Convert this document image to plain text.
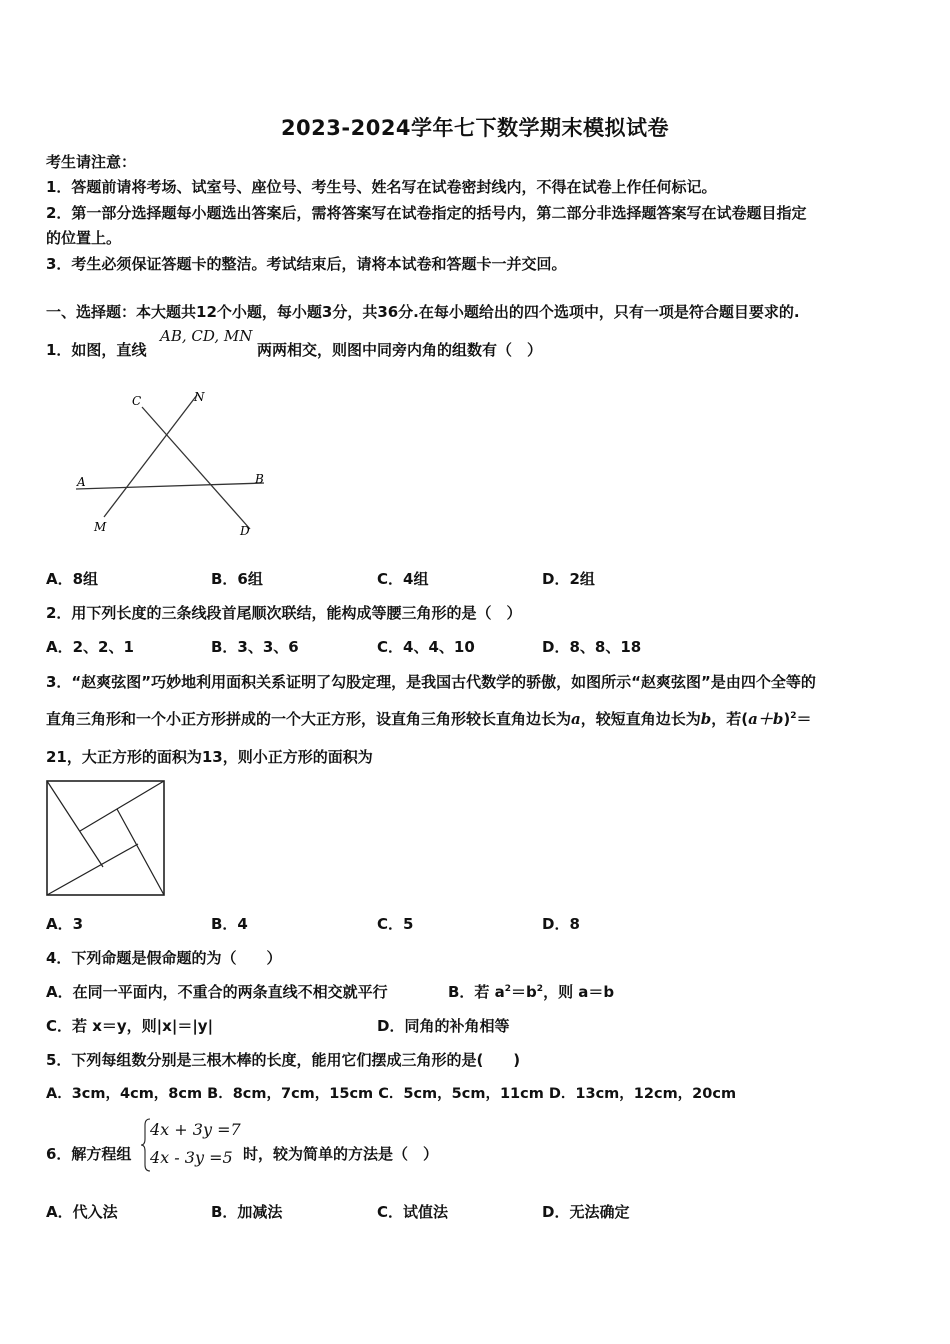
2023-2024学年七下数学期末模拟试卷
考生请注意：
1．答题前请将考场、试室号、座位号、考生号、姓名写在试卷密封线内，不得在试卷上作任何标记。
2．第一部分选择题每小题选出答案后，需将答案写在试卷指定的括号内，第二部分非选择题答案写在试卷题目指定
的位置上。
3．考生必须保证答题卡的整洁。考试结束后，请将本试卷和答题卡一并交回。
一、选择题：本大题共12个小题，每小题3分，共36分.在每小题给出的四个选项中，只有一项是符合题目要求的.
1．如图，直线
AB, CD, MN
两两相交，则图中同旁内角的组数有（　）
C	N
A	B
M	D
A．8组	B．6组	C．4组	D．2组
2．用下列长度的三条线段首尾顺次联结，能构成等腰三角形的是（　）
A．2、2、1	B．3、3、6	C．4、4、10	D．8、8、18
3．“赵爽弦图”巧妙地利用面积关系证明了勾股定理，是我国古代数学的骄傲，如图所示“赵爽弦图”是由四个全等的
直角三角形和一个小正方形拼成的一个大正方形，设直角三角形较长直角边长为a，较短直角边长为b，若$(a+b)^2=$
21，大正方形的面积为13，则小正方形的面积为
A．3	B．4	C．5	D．8
4．下列命题是假命题的为（　　）
A．在同一平面内，不重合的两条直线不相交就平行	B．若 $a^2=b^2$，则 a＝b
C．若 x＝y，则|x|＝|y|	D．同角的补角相等
5．下列每组数分别是三根木棒的长度，能用它们摆成三角形的是(　　)
A．3cm，4cm，8cm B．8cm，7cm，15cm C．5cm，5cm，11cm D．13cm，12cm，20cm
6．解方程组
4x + 3y =7
4x - 3y =5 时，较为简单的方法是（　）
A．代入法	B．加减法	C．试值法	D．无法确定
